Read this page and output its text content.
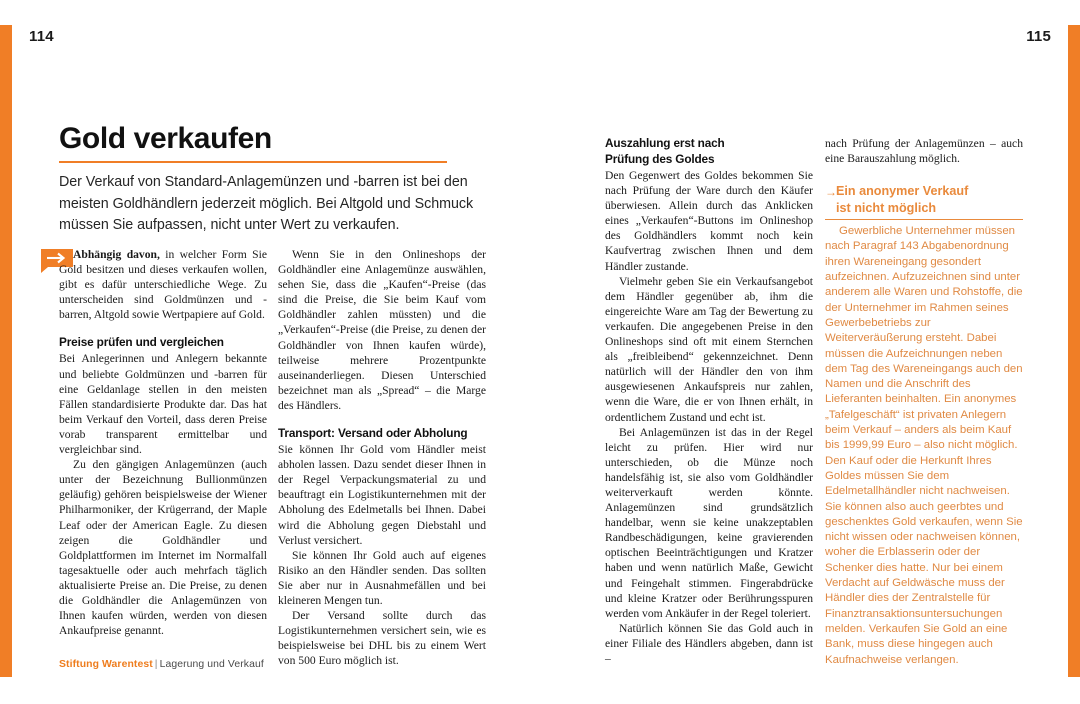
114	115
Gold verkaufen

Der Verkauf von Standard-Anlagemünzen und -barren ist bei den meisten Goldhändlern jederzeit möglich. Bei Altgold und Schmuck müssen Sie aufpassen, nicht unter Wert zu verkaufen.

Abhängig davon, in welcher Form Sie Gold besitzen und dieses verkaufen wollen, gibt es dafür unterschiedliche Wege. Zu unterscheiden sind Goldmünzen und -barren, Altgold sowie Wertpapiere auf Gold.

Preise prüfen und vergleichen

Bei Anlegerinnen und Anlegern bekannte und beliebte Goldmünzen und -barren für eine Geldanlage stellen in den meisten Fällen standardisierte Produkte dar. Das hat beim Verkauf den Vorteil, dass deren Preise vorab transparent ermittelbar und vergleichbar sind.

Zu den gängigen Anlagemünzen (auch unter der Bezeichnung Bullionmünzen geläufig) gehören beispielsweise der Wiener Philharmoniker, der Krügerrand, der Maple Leaf oder der American Eagle. Zu diesen zeigen die Goldhändler und Goldplattformen im Internet im Normalfall tagesaktuelle oder auch mehrfach täglich aktualisierte Preise an. Die Preise, zu denen die Goldhändler die Anlagemünzen von Ihnen kaufen würden, werden von diesen Ankaufpreise genannt.

Wenn Sie in den Onlineshops der Goldhändler eine Anlagemünze auswählen, sehen Sie, dass die „Kaufen“-Preise (das sind die Preise, die Sie beim Kauf vom Goldhändler zahlen müssten) und die „Verkaufen“-Preise (die Preise, zu denen der Goldhändler von Ihnen kaufen würde), teilweise mehrere Prozentpunkte auseinanderliegen. Diesen Unterschied bezeichnet man als „Spread“ – die Marge des Händlers.

Transport: Versand oder Abholung

Sie können Ihr Gold vom Händler meist abholen lassen. Dazu sendet dieser Ihnen in der Regel Verpackungsmaterial zu und beauftragt ein Logistikunternehmen mit der Abholung des Edelmetalls bei Ihnen. Dabei wird die Abholung gegen Diebstahl und Verlust versichert.

Sie können Ihr Gold auch auf eigenes Risiko an den Händler senden. Das sollten Sie aber nur in Ausnahmefällen und bei kleineren Mengen tun.

Der Versand sollte durch das Logistikunternehmen versichert sein, wie es beispielsweise bei DHL bis zu einem Wert von 500 Euro möglich ist.

Auszahlung erst nach
Prüfung des Goldes

Den Gegenwert des Goldes bekommen Sie nach Prüfung der Ware durch den Käufer überwiesen. Allein durch das Anklicken eines „Verkaufen“-Buttons im Onlineshop des Goldhändlers kommt noch kein Kaufvertrag zwischen Ihnen und dem Händler zustande.

Vielmehr geben Sie ein Verkaufsangebot dem Händler gegenüber ab, ihm die eingereichte Ware am Tag der Bewertung zu verkaufen. Die angegebenen Preise in den Onlineshops sind oft mit einem Sternchen als „freibleibend“ gekennzeichnet. Denn natürlich will der Händler den von ihm ausgewiesenen Ankaufspreis nur zahlen, wenn die Ware, die er von Ihnen erhält, in ordentlichem Zustand und echt ist.

Bei Anlagemünzen ist das in der Regel leicht zu prüfen. Hier wird nur unterschieden, ob die Münze noch handelsfähig ist, sie also vom Goldhändler weiterverkauft werden könnte. Anlagemünzen sind grundsätzlich handelbar, wenn sie keine unakzeptablen Randbeschädigungen, keine gravierenden optischen Beeinträchtigungen und Kratzer haben und wenn natürlich Maße, Gewicht und Feingehalt stimmen. Fingerabdrücke und kleine Kratzer oder Berührungsspuren werden vom Ankäufer in der Regel toleriert.

Natürlich können Sie das Gold auch in einer Filiale des Händlers abgeben, dann ist –

nach Prüfung der Anlagemünzen – auch eine Barauszahlung möglich.

→ Ein anonymer Verkauf
ist nicht möglich

Gewerbliche Unternehmer müssen nach Paragraf 143 Abgabenordnung ihren Wareneingang gesondert aufzeichnen. Aufzuzeichnen sind unter anderem alle Waren und Rohstoffe, die der Unternehmer im Rahmen seines Gewerbebetriebs zur Weiterveräußerung ersteht. Dabei müssen die Aufzeichnungen neben dem Tag des Wareneingangs auch den Namen und die Anschrift des Lieferanten beinhalten. Ein anonymes „Tafelgeschäft“ ist privaten Anlegern beim Verkauf – anders als beim Kauf bis 1999,99 Euro – also nicht möglich. Den Kauf oder die Herkunft Ihres Goldes müssen Sie dem Edelmetallhändler nicht nachweisen. Sie können also auch geerbtes und geschenktes Gold verkaufen, wenn Sie nicht wissen oder nachweisen können, woher die Erblasserin oder der Schenker dies hatte. Nur bei einem Verdacht auf Geldwäsche muss der Händler dies der Zentralstelle für Finanztransaktionsuntersuchungen melden. Verkaufen Sie Gold an eine Bank, muss diese hingegen auch Kaufnachweise verlangen.

Stiftung Warentest | Lagerung und Verkauf
